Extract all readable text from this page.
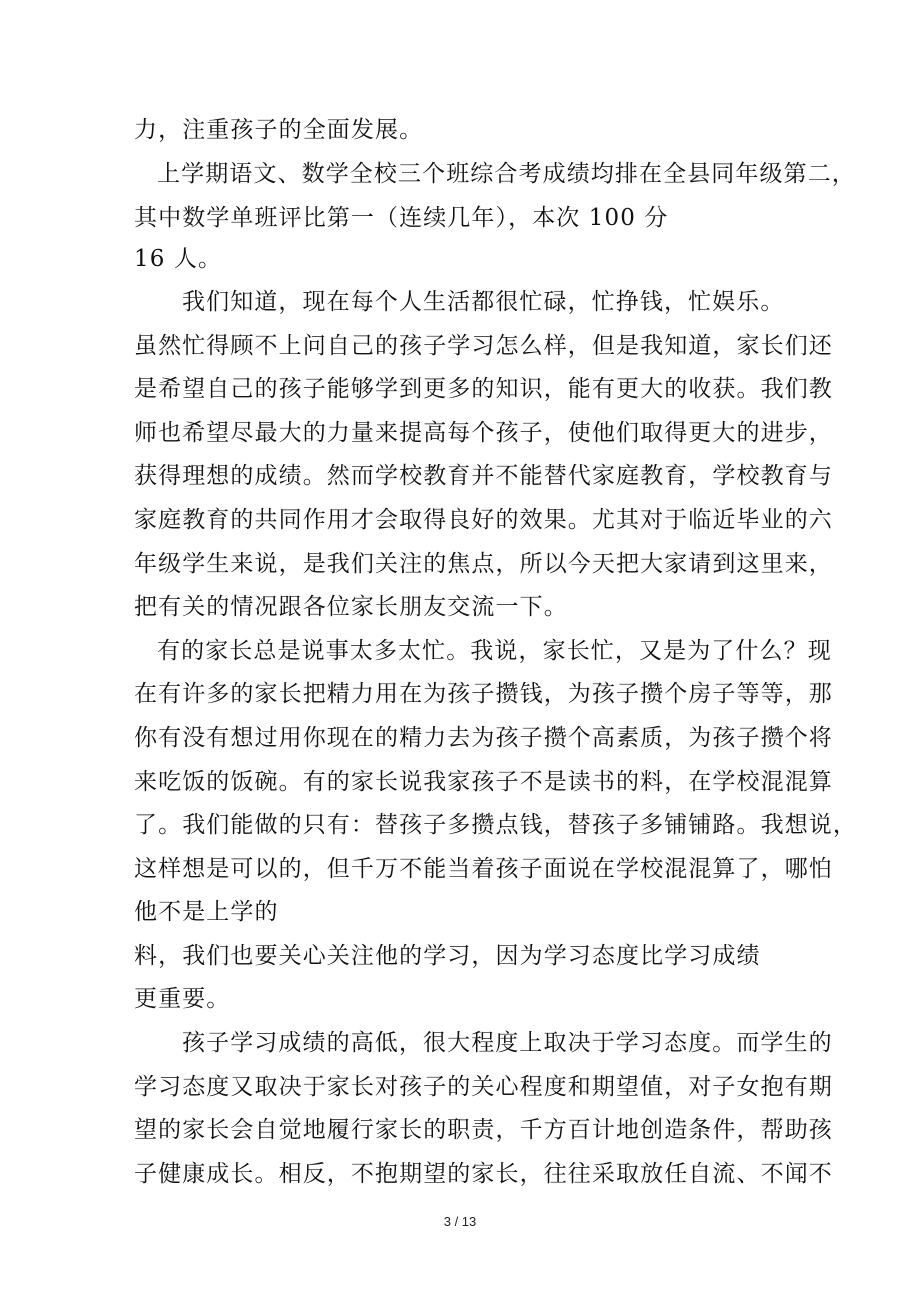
力，注重孩子的全面发展。
上学期语文、数学全校三个班综合考成绩均排在全县同年级第二，
其中数学单班评比第一（连续几年），本次 100 分
16 人。
我们知道，现在每个人生活都很忙碌，忙挣钱，忙娱乐。
虽然忙得顾不上问自己的孩子学习怎么样，但是我知道，家长们还
是希望自己的孩子能够学到更多的知识，能有更大的收获。我们教
师也希望尽最大的力量来提高每个孩子，使他们取得更大的进步，
获得理想的成绩。然而学校教育并不能替代家庭教育，学校教育与
家庭教育的共同作用才会取得良好的效果。尤其对于临近毕业的六
年级学生来说，是我们关注的焦点，所以今天把大家请到这里来，
把有关的情况跟各位家长朋友交流一下。
有的家长总是说事太多太忙。我说，家长忙，又是为了什么？现
在有许多的家长把精力用在为孩子攒钱，为孩子攒个房子等等，那
你有没有想过用你现在的精力去为孩子攒个高素质，为孩子攒个将
来吃饭的饭碗。有的家长说我家孩子不是读书的料，在学校混混算
了。我们能做的只有：替孩子多攒点钱，替孩子多铺铺路。我想说，
这样想是可以的，但千万不能当着孩子面说在学校混混算了，哪怕
他不是上学的
料，我们也要关心关注他的学习，因为学习态度比学习成绩
更重要。
孩子学习成绩的高低，很大程度上取决于学习态度。而学生的
学习态度又取决于家长对孩子的关心程度和期望值，对子女抱有期
望的家长会自觉地履行家长的职责，千方百计地创造条件，帮助孩
子健康成长。相反，不抱期望的家长，往往采取放任自流、不闻不
3 / 13
